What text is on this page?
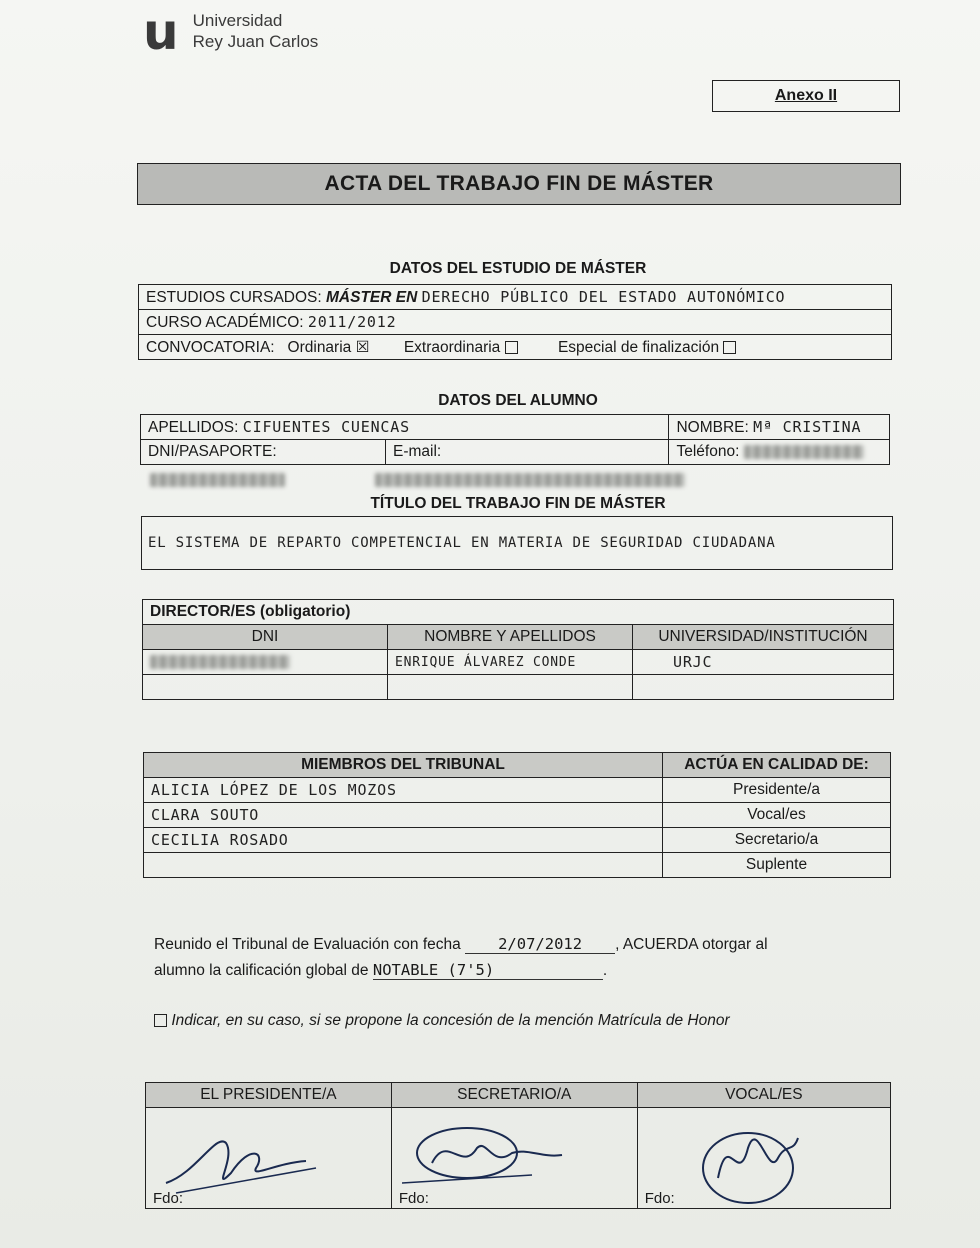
u Universidad
Rey Juan Carlos
Anexo II
ACTA DEL TRABAJO FIN DE MÁSTER
DATOS DEL ESTUDIO DE MÁSTER
ESTUDIOS CURSADOS: MÁSTER EN DERECHO PÚBLICO DEL ESTADO AUTONÓMICO
CURSO ACADÉMICO: 2011/2012
CONVOCATORIA: Ordinaria ☒ Extraordinaria	Especial de finalización
DATOS DEL ALUMNO
APELLIDOS: CIFUENTES CUENCAS		NOMBRE: Mª CRISTINA
DNI/PASAPORTE:	E-mail:	Teléfono:
TÍTULO DEL TRABAJO FIN DE MÁSTER
EL SISTEMA DE REPARTO COMPETENCIAL EN MATERIA DE SEGURIDAD CIUDADANA
DIRECTOR/ES (obligatorio)		
DNI	NOMBRE Y APELLIDOS	UNIVERSIDAD/INSTITUCIÓN
	ENRIQUE ÁLVAREZ CONDE	URJC

MIEMBROS DEL TRIBUNAL	ACTÚA EN CALIDAD DE:
ALICIA LÓPEZ DE LOS MOZOS	Presidente/a
CLARA SOUTO	Vocal/es
CECILIA ROSADO	Secretario/a
	Suplente
Reunido el Tribunal de Evaluación con fecha 2/07/2012 , ACUERDA otorgar al
alumno la calificación global de NOTABLE (7'5)	.
Indicar, en su caso, si se propone la concesión de la mención Matrícula de Honor
EL PRESIDENTE/A	SECRETARIO/A	VOCAL/ES

Fdo:	Fdo:	Fdo:
